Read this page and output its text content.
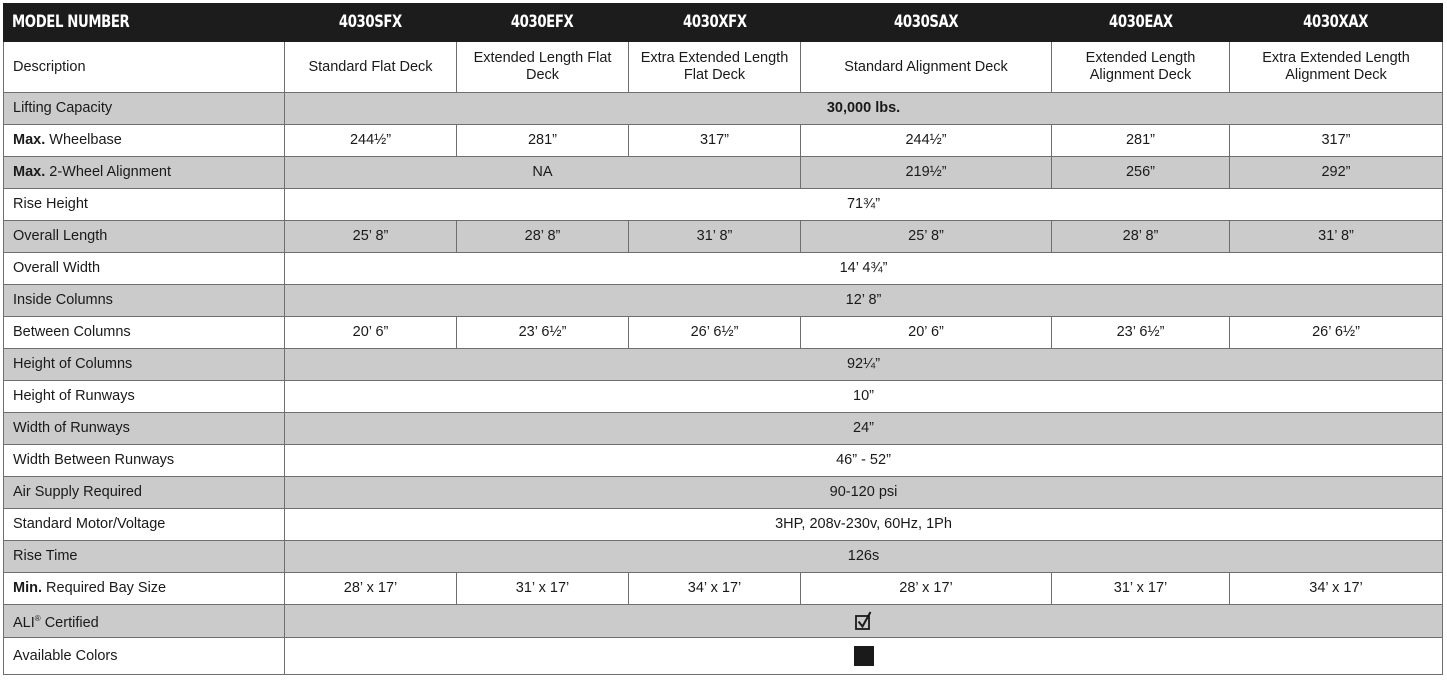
MODEL NUMBER	4030SFX	4030EFX	4030XFX	4030SAX	4030EAX	4030XAX
Description	Standard Flat Deck	Extended Length Flat Deck	Extra Extended Length Flat Deck	Standard Alignment Deck	Extended Length Alignment Deck	Extra Extended Length Alignment Deck
Lifting Capacity	30,000 lbs.					
Max. Wheelbase	244½”	281”	317”	244½”	281”	317”
Max. 2-Wheel Alignment	NA			219½”	256”	292”
Rise Height	71¾”					
Overall Length	25’ 8”	28’ 8”	31’ 8”	25’ 8”	28’ 8”	31’ 8”
Overall Width	14’ 4¾”					
Inside Columns	12’ 8”					
Between Columns	20’ 6”	23’ 6½”	26’ 6½”	20’ 6”	23’ 6½”	26’ 6½”
Height of Columns	92¼”					
Height of Runways	10”					
Width of Runways	24”					
Width Between Runways	46” - 52”					
Air Supply Required	90-120 psi					
Standard Motor/Voltage	3HP, 208v-230v, 60Hz, 1Ph					
Rise Time	126s					
Min. Required Bay Size	28’ x 17’	31’ x 17’	34’ x 17’	28’ x 17’	31’ x 17’	34’ x 17’
ALI® Certified	
Available Colors						
